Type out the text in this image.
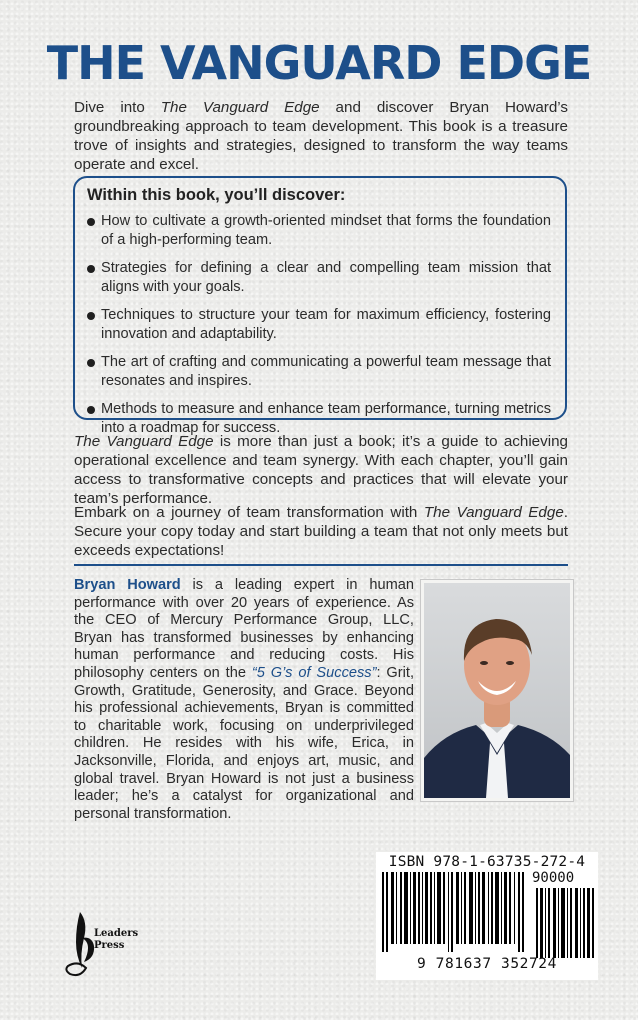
THE VANGUARD EDGE

Dive into The Vanguard Edge and discover Bryan Howard’s groundbreaking approach to team development. This book is a treasure trove of insights and strategies, designed to transform the way teams operate and excel.

Within this book, you’ll discover:
How to cultivate a growth-oriented mindset that forms the foundation of a high-performing team.
Strategies for defining a clear and compelling team mission that aligns with your goals.
Techniques to structure your team for maximum efficiency, fostering innovation and adaptability.
The art of crafting and communicating a powerful team message that resonates and inspires.
Methods to measure and enhance team performance, turning metrics into a roadmap for success.

The Vanguard Edge is more than just a book; it’s a guide to achieving operational excellence and team synergy. With each chapter, you’ll gain access to transformative concepts and practices that will elevate your team’s performance.

Embark on a journey of team transformation with The Vanguard Edge. Secure your copy today and start building a team that not only meets but exceeds expectations!

Bryan Howard is a leading expert in human performance with over 20 years of experience. As the CEO of Mercury Performance Group, LLC, Bryan has transformed businesses by enhancing human performance and reducing costs. His philosophy centers on the “5 G’s of Success”: Grit, Growth, Gratitude, Generosity, and Grace. Beyond his professional achievements, Bryan is committed to charitable work, focusing on underprivileged children. He resides with his wife, Erica, in Jacksonville, Florida, and enjoys art, music, and global travel. Bryan Howard is not just a business leader; he’s a catalyst for organizational and personal transformation.

ISBN 978-1-63735-272-4
90000
9 781637 352724
Leaders
Press
